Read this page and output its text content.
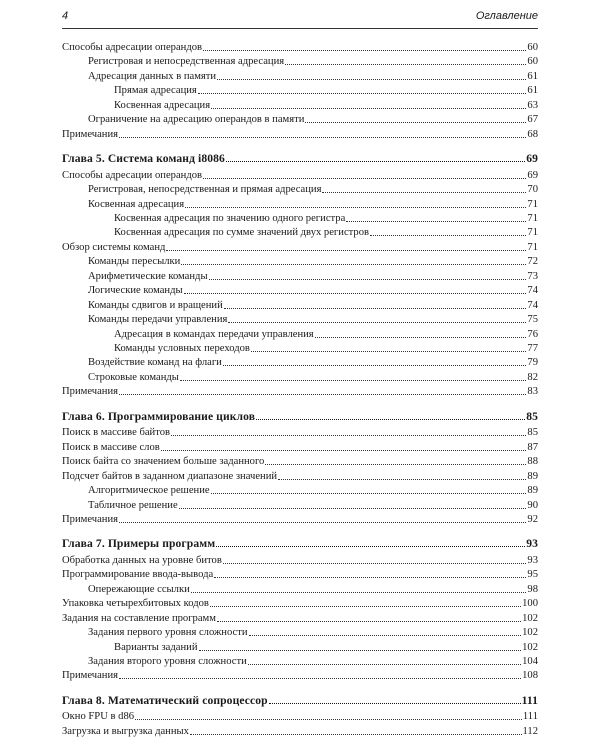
4	Оглавление
Способы адресации операндов	60
Регистровая и непосредственная адресация	60
Адресация данных в памяти	61
Прямая адресация	61
Косвенная адресация	63
Ограничение на адресацию операндов в памяти	67
Примечания	68
Глава 5. Система команд i8086	69
Способы адресации операндов	69
Регистровая, непосредственная и прямая адресация	70
Косвенная адресация	71
Косвенная адресация по значению одного регистра	71
Косвенная адресация по сумме значений двух регистров	71
Обзор системы команд	71
Команды пересылки	72
Арифметические команды	73
Логические команды	74
Команды сдвигов и вращений	74
Команды передачи управления	75
Адресация в командах передачи управления	76
Команды условных переходов	77
Воздействие команд на флаги	79
Строковые команды	82
Примечания	83
Глава 6. Программирование циклов	85
Поиск в массиве байтов	85
Поиск в массиве слов	87
Поиск байта со значением больше заданного	88
Подсчет байтов в заданном диапазоне значений	89
Алгоритмическое решение	89
Табличное решение	90
Примечания	92
Глава 7. Примеры программ	93
Обработка данных на уровне битов	93
Программирование ввода-вывода	95
Опережающие ссылки	98
Упаковка четырехбитовых кодов	100
Задания на составление программ	102
Задания первого уровня сложности	102
Варианты заданий	102
Задания второго уровня сложности	104
Примечания	108
Глава 8. Математический сопроцессор	111
Окно FPU в d86	111
Загрузка и выгрузка данных	112
